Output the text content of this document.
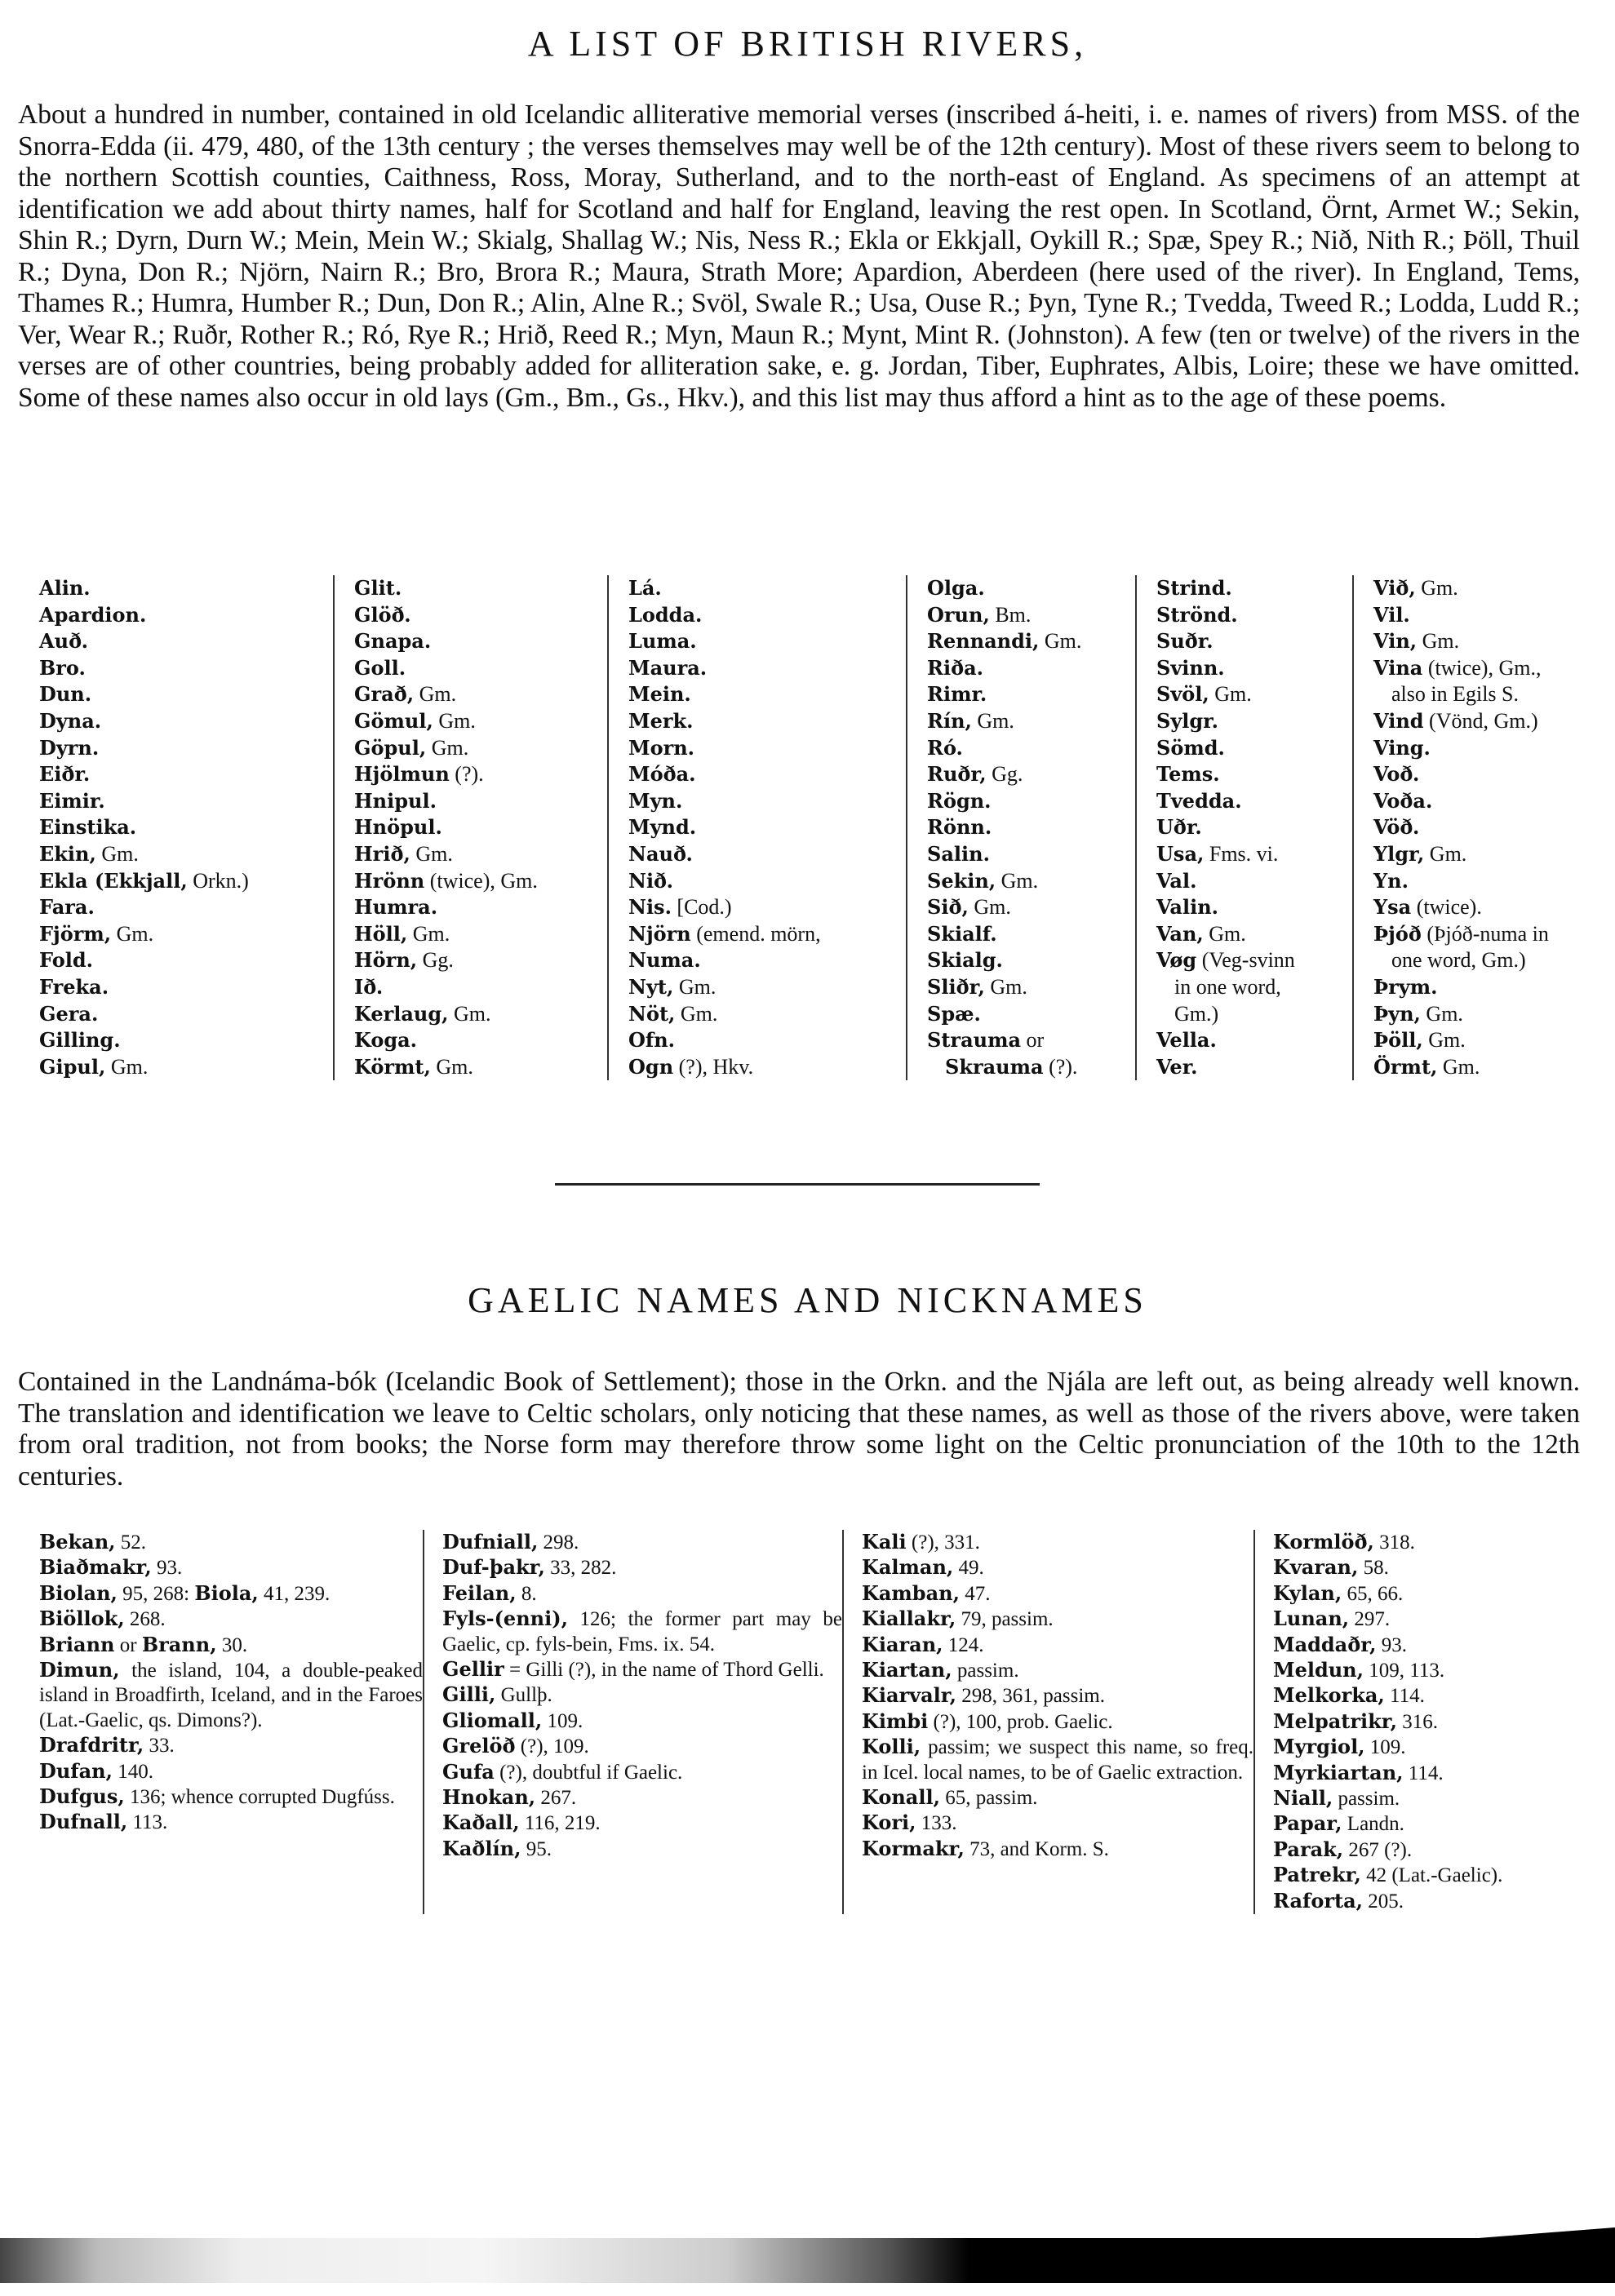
A LIST OF BRITISH RIVERS,
About a hundred in number, contained in old Icelandic alliterative memorial verses (inscribed á-heiti, i. e. names of rivers) from MSS. of the Snorra-Edda (ii. 479, 480, of the 13th century ; the verses themselves may well be of the 12th century). Most of these rivers seem to belong to the northern Scottish counties, Caithness, Ross, Moray, Sutherland, and to the north-east of England. As specimens of an attempt at identification we add about thirty names, half for Scotland and half for England, leaving the rest open. In Scotland, Örnt, Armet W.; Sekin, Shin R.; Dyrn, Durn W.; Mein, Mein W.; Skialg, Shallag W.; Nis, Ness R.; Ekla or Ekkjall, Oykill R.; Spæ, Spey R.; Nið, Nith R.; Þöll, Thuil R.; Dyna, Don R.; Njörn, Nairn R.; Bro, Brora R.; Maura, Strath More; Apardion, Aberdeen (here used of the river). In England, Tems, Thames R.; Humra, Humber R.; Dun, Don R.; Alin, Alne R.; Svöl, Swale R.; Usa, Ouse R.; Þyn, Tyne R.; Tvedda, Tweed R.; Lodda, Ludd R.; Ver, Wear R.; Ruðr, Rother R.; Ró, Rye R.; Hrið, Reed R.; Myn, Maun R.; Mynt, Mint R. (Johnston). A few (ten or twelve) of the rivers in the verses are of other countries, being probably added for alliteration sake, e. g. Jordan, Tiber, Euphrates, Albis, Loire; these we have omitted. Some of these names also occur in old lays (Gm., Bm., Gs., Hkv.), and this list may thus afford a hint as to the age of these poems.
Alin.
Apardion.
Auð.
Bro.
Dun.
Dyna.
Dyrn.
Eiðr.
Eimir.
Einstika.
Ekin, Gm.
Ekla (Ekkjall, Orkn.)
Fara.
Fjörm, Gm.
Fold.
Freka.
Gera.
Gilling.
Gipul, Gm.
Glit.
Glöð.
Gnapa.
Goll.
Grað, Gm.
Gömul, Gm.
Göpul, Gm.
Hjölmun (?).
Hnipul.
Hnöpul.
Hrið, Gm.
Hrönn (twice), Gm.
Humra.
Höll, Gm.
Hörn, Gg.
Ið.
Kerlaug, Gm.
Koga.
Körmt, Gm.
Lá.
Lodda.
Luma.
Maura.
Mein.
Merk.
Morn.
Móða.
Myn.
Mynd.
Nauð.
Nið.
Nis. [Cod.)
Njörn (emend. mörn,
Numa.
Nyt, Gm.
Nöt, Gm.
Ofn.
Ogn (?), Hkv.
Olga.
Orun, Bm.
Rennandi, Gm.
Riða.
Rimr.
Rín, Gm.
Ró.
Ruðr, Gg.
Rögn.
Rönn.
Salin.
Sekin, Gm.
Sið, Gm.
Skialf.
Skialg.
Sliðr, Gm.
Spæ.
Strauma or
Skrauma (?).
Strind.
Strönd.
Suðr.
Svinn.
Svöl, Gm.
Sylgr.
Sömd.
Tems.
Tvedda.
Uðr.
Usa, Fms. vi.
Val.
Valin.
Van, Gm.
Vøg (Veg-svinn
in one word,
Gm.)
Vella.
Ver.
Við, Gm.
Vil.
Vin, Gm.
Vina (twice), Gm.,
also in Egils S.
Vind (Vönd, Gm.)
Ving.
Voð.
Voða.
Vöð.
Ylgr, Gm.
Yn.
Ysa (twice).
Þjóð (Þjóð-numa in
one word, Gm.)
Þrym.
Þyn, Gm.
Þöll, Gm.
Örmt, Gm.
GAELIC NAMES AND NICKNAMES
Contained in the Landnáma-bók (Icelandic Book of Settlement); those in the Orkn. and the Njála are left out, as being already well known. The translation and identification we leave to Celtic scholars, only noticing that these names, as well as those of the rivers above, were taken from oral tradition, not from books; the Norse form may therefore throw some light on the Celtic pronunciation of the 10th to the 12th centuries.
Bekan, 52.
Biaðmakr, 93.
Biolan, 95, 268: Biola, 41, 239.
Biöllok, 268.
Briann or Brann, 30.
Dimun, the island, 104, a double-peaked island in Broadfirth, Iceland, and in the Faroes (Lat.-Gaelic, qs. Dimons?).
Drafdritr, 33.
Dufan, 140.
Dufgus, 136; whence corrupted Dugfúss.
Dufnall, 113.
Dufniall, 298.
Duf-þakr, 33, 282.
Feilan, 8.
Fyls-(enni), 126; the former part may be Gaelic, cp. fyls-bein, Fms. ix. 54.
Gellir = Gilli (?), in the name of Thord Gelli.
Gilli, Gullþ.
Gliomall, 109.
Grelöð (?), 109.
Gufa (?), doubtful if Gaelic.
Hnokan, 267.
Kaðall, 116, 219.
Kaðlín, 95.
Kali (?), 331.
Kalman, 49.
Kamban, 47.
Kiallakr, 79, passim.
Kiaran, 124.
Kiartan, passim.
Kiarvalr, 298, 361, passim.
Kimbi (?), 100, prob. Gaelic.
Kolli, passim; we suspect this name, so freq. in Icel. local names, to be of Gaelic extraction.
Konall, 65, passim.
Kori, 133.
Kormakr, 73, and Korm. S.
Kormlöð, 318.
Kvaran, 58.
Kylan, 65, 66.
Lunan, 297.
Maddaðr, 93.
Meldun, 109, 113.
Melkorka, 114.
Melpatrikr, 316.
Myrgiol, 109.
Myrkiartan, 114.
Niall, passim.
Papar, Landn.
Parak, 267 (?).
Patrekr, 42 (Lat.-Gaelic).
Raforta, 205.
